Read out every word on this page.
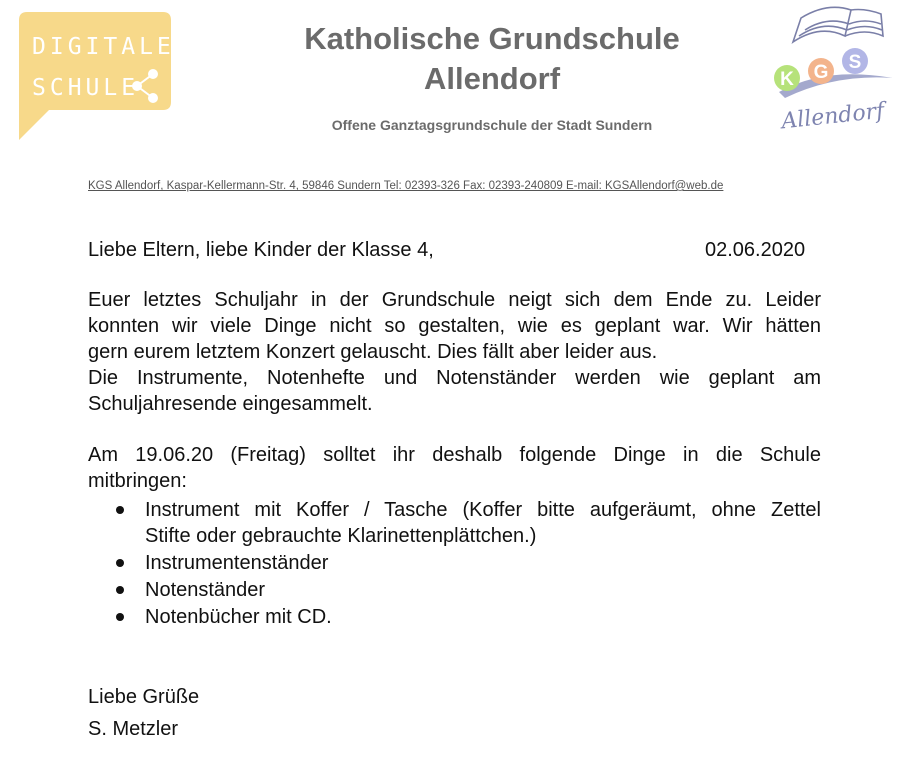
DIGITALE
SCHULE
Katholische Grundschule
Allendorf
Offene Ganztagsgrundschule der Stadt Sundern
K G S
Allendorf
KGS Allendorf, Kaspar-Kellermann-Str. 4, 59846 Sundern Tel: 02393-326 Fax: 02393-240809 E-mail: KGSAllendorf@web.de
Liebe Eltern, liebe Kinder der Klasse 4,	02.06.2020

Euer letztes Schuljahr in der Grundschule neigt sich dem Ende zu. Leider

konnten wir viele Dinge nicht so gestalten, wie es geplant war. Wir hätten

gern eurem letztem Konzert gelauscht. Dies fällt aber leider aus.

Die Instrumente, Notenhefte und Notenständer werden wie geplant am

Schuljahresende eingesammelt.

Am 19.06.20 (Freitag) solltet ihr deshalb folgende Dinge in die Schule

mitbringen:

Instrument mit Koffer / Tasche (Koffer bitte aufgeräumt, ohne Zettel
Stifte oder gebrauchte Klarinettenplättchen.)
Instrumentenständer
Notenständer
Notenbücher mit CD.
Liebe Grüße
S. Metzler
